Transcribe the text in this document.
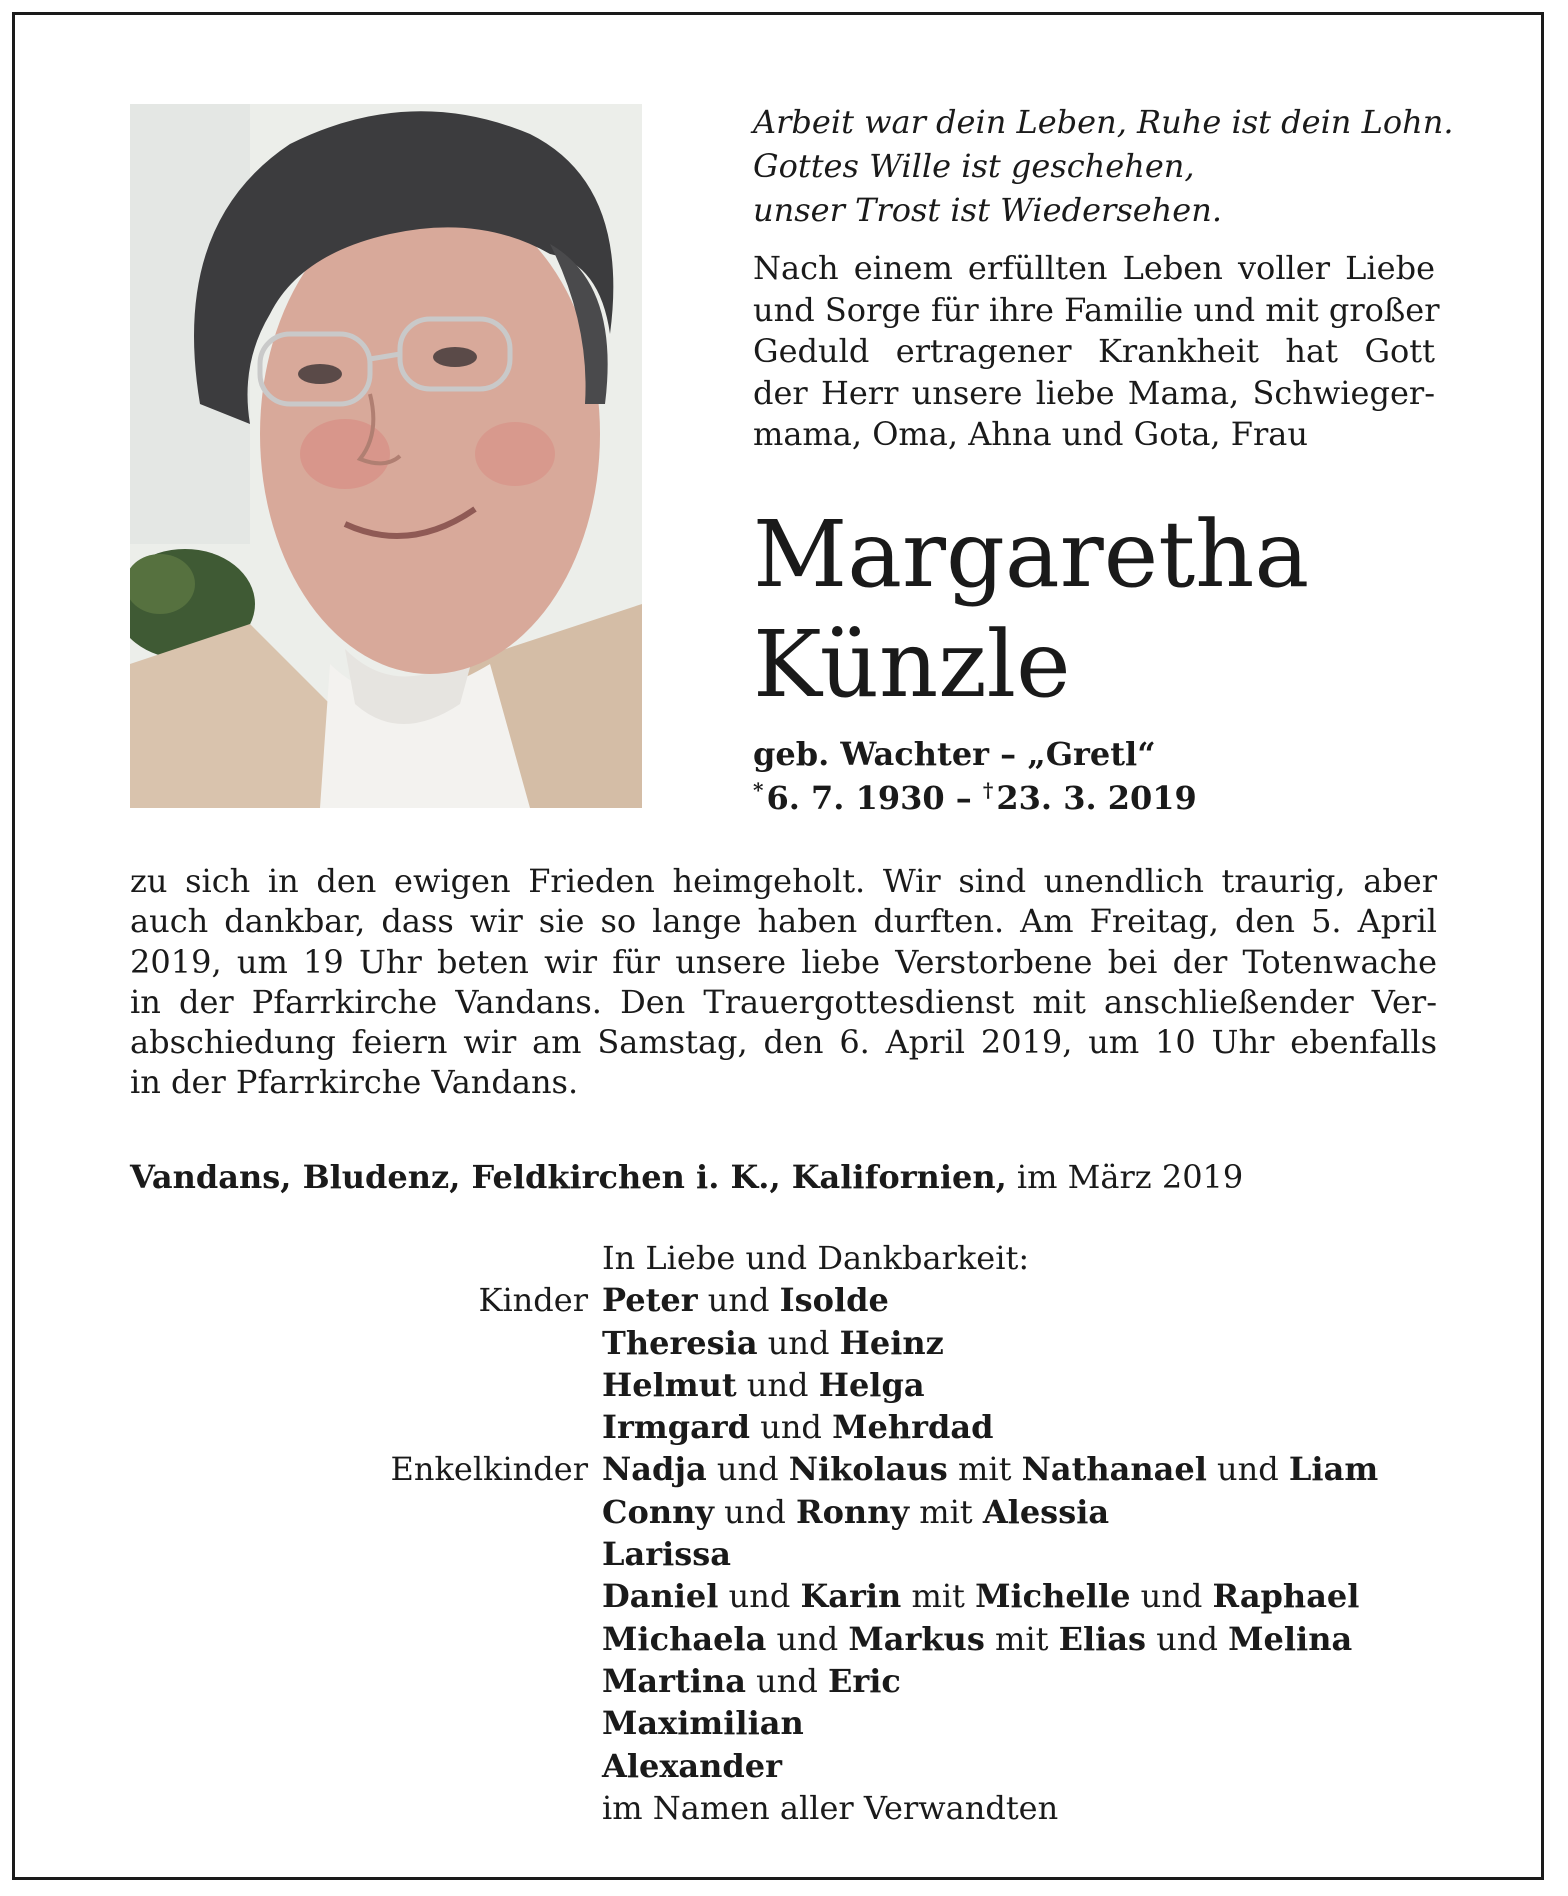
Arbeit war dein Leben, Ruhe ist dein Lohn.
Gottes Wille ist geschehen,
unser Trost ist Wiedersehen.
Nach einem erfüllten Leben voller Liebe
und Sorge für ihre Familie und mit großer
Geduld ertragener Krankheit hat Gott
der Herr unsere liebe Mama, Schwieger-
mama, Oma, Ahna und Gota, Frau
Margaretha
Künzle
geb. Wachter – „Gretl“
*6. 7. 1930 – †23. 3. 2019
zu sich in den ewigen Frieden heimgeholt. Wir sind unendlich traurig, aber
auch dankbar, dass wir sie so lange haben durften. Am Freitag, den 5. April
2019, um 19 Uhr beten wir für unsere liebe Verstorbene bei der Totenwache
in der Pfarrkirche Vandans. Den Trauergottesdienst mit anschließender Ver-
abschiedung feiern wir am Samstag, den 6. April 2019, um 10 Uhr ebenfalls
in der Pfarrkirche Vandans.
Vandans, Bludenz, Feldkirchen i. K., Kalifornien, im März 2019
In Liebe und Dankbarkeit:
Kinder Peter und Isolde
Theresia und Heinz
Helmut und Helga
Irmgard und Mehrdad
Enkelkinder Nadja und Nikolaus mit Nathanael und Liam
Conny und Ronny mit Alessia
Larissa
Daniel und Karin mit Michelle und Raphael
Michaela und Markus mit Elias und Melina
Martina und Eric
Maximilian
Alexander
im Namen aller Verwandten
